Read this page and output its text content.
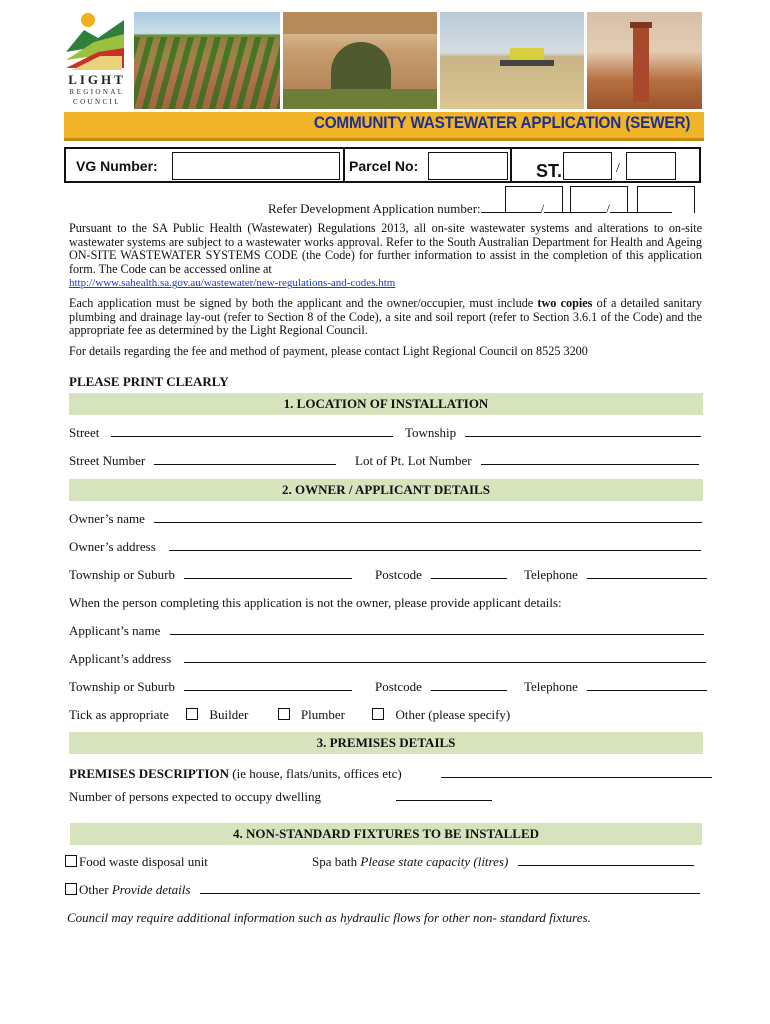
LIGHT
REGIONAL
COUNCIL
COMMUNITY WASTEWATER APPLICATION (SEWER)
VG Number:	Parcel No:	ST.	/
Refer Development Application number:	/	/
Pursuant to the SA Public Health (Wastewater) Regulations 2013, all on-site wastewater systems and alterations to on-site wastewater systems are subject to a wastewater works approval. Refer to the South Australian Department for Health and Ageing ON-SITE WASTEWATER SYSTEMS CODE (the Code) for further information to assist in the completion of this application form. The Code can be accessed online at
http://www.sahealth.sa.gov.au/wastewater/new-regulations-and-codes.htm
Each application must be signed by both the applicant and the owner/occupier, must include two copies of a detailed sanitary plumbing and drainage lay-out (refer to Section 8 of the Code), a site and soil report (refer to Section 3.6.1 of the Code) and the appropriate fee as determined by the Light Regional Council.
For details regarding the fee and method of payment, please contact Light Regional Council on 8525 3200
PLEASE PRINT CLEARLY
1. LOCATION OF INSTALLATION
Street	Township
Street Number	Lot of Pt. Lot Number
2. OWNER / APPLICANT DETAILS
Owner’s name
Owner’s address
Township or Suburb	Postcode	Telephone
When the person completing this application is not the owner, please provide applicant details:
Applicant’s name
Applicant’s address
Township or Suburb	Postcode	Telephone
Tick as appropriate	Builder	Plumber	Other (please specify)
3. PREMISES DETAILS
PREMISES DESCRIPTION (ie house, flats/units, offices etc)
Number of persons expected to occupy dwelling
4. NON-STANDARD FIXTURES TO BE INSTALLED
Food waste disposal unit	Spa bath Please state capacity (litres)
Other Provide details
Council may require additional information such as hydraulic flows for other non- standard fixtures.
